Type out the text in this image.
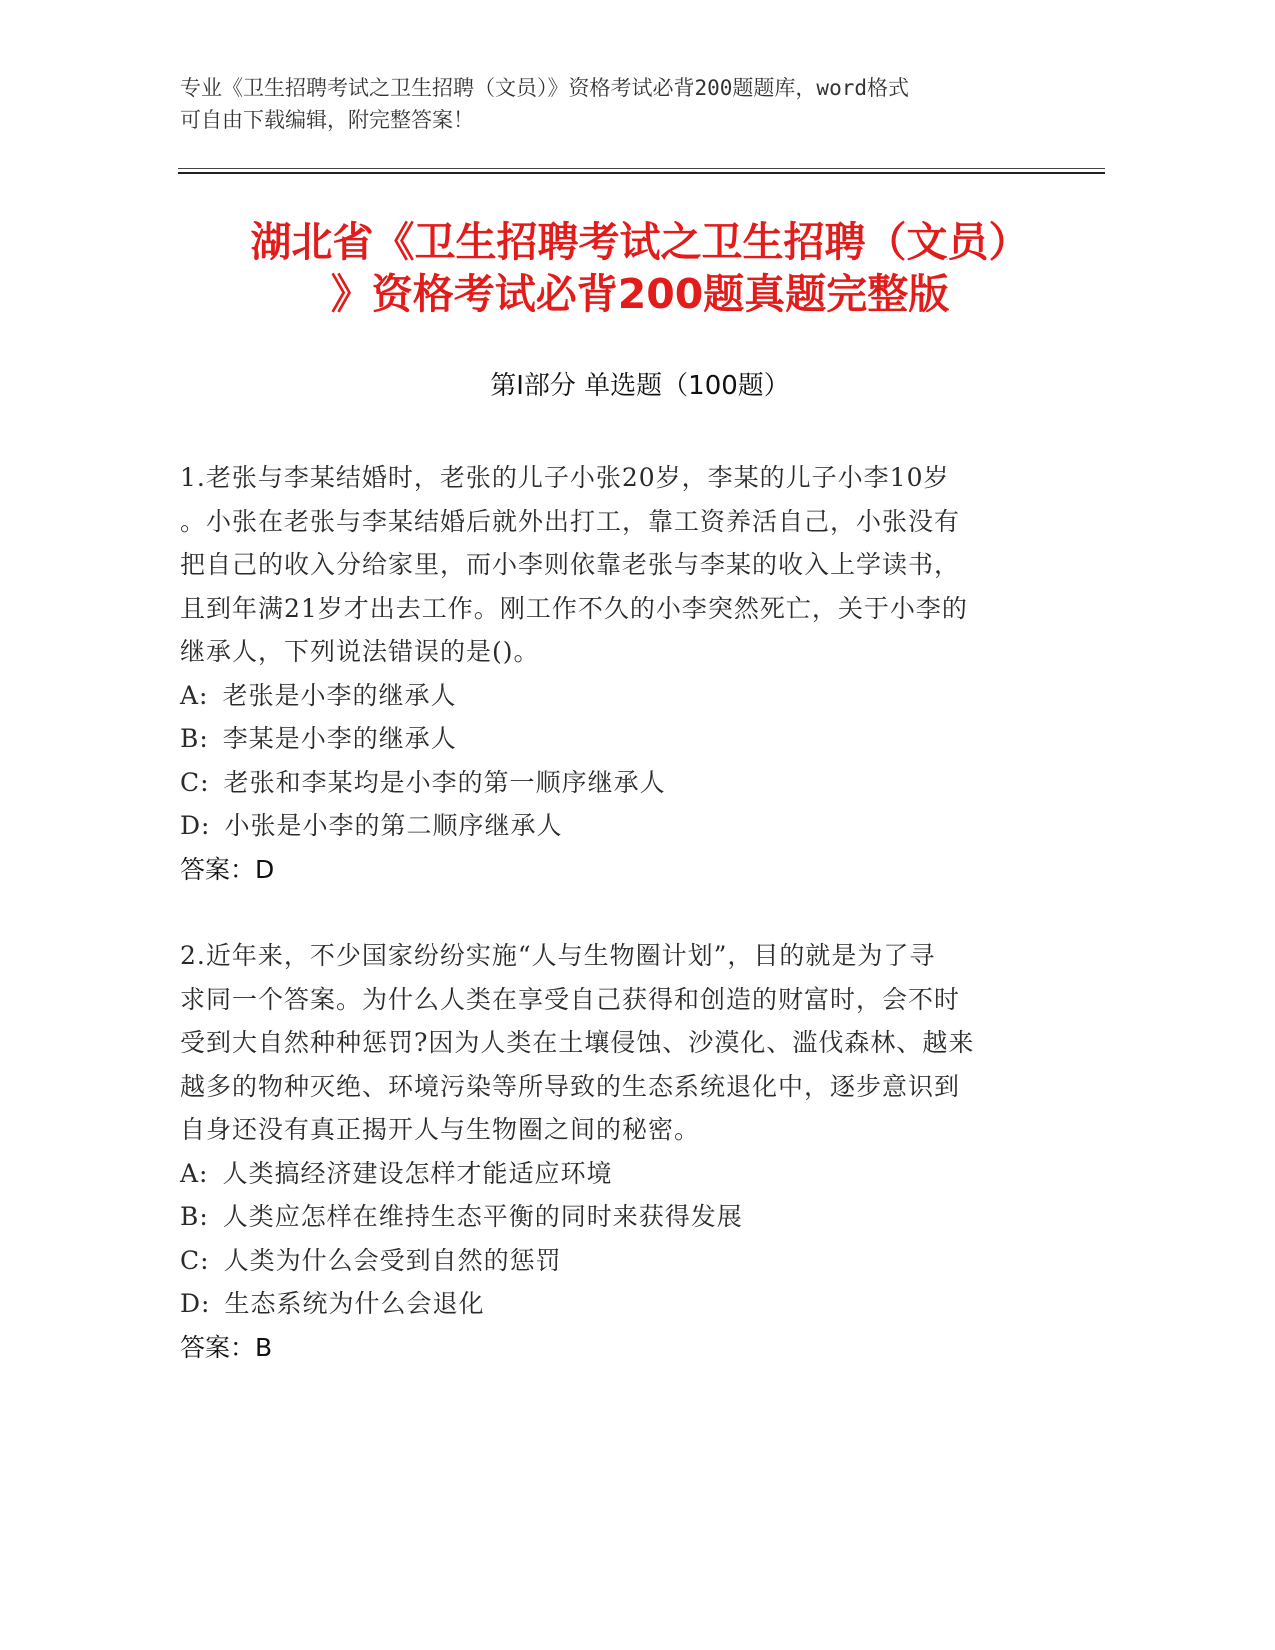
专业《卫生招聘考试之卫生招聘（文员）》资格考试必背200题题库，word格式
可自由下载编辑，附完整答案！
湖北省《卫生招聘考试之卫生招聘（文员）
》资格考试必背200题真题完整版
第Ⅰ部分 单选题（100题）
1.老张与李某结婚时，老张的儿子小张20岁，李某的儿子小李10岁
。小张在老张与李某结婚后就外出打工，靠工资养活自己，小张没有
把自己的收入分给家里，而小李则依靠老张与李某的收入上学读书，
且到年满21岁才出去工作。刚工作不久的小李突然死亡，关于小李的
继承人，下列说法错误的是()。
A: 老张是小李的继承人
B: 李某是小李的继承人
C: 老张和李某均是小李的第一顺序继承人
D: 小张是小李的第二顺序继承人
答案：D
2.近年来，不少国家纷纷实施“人与生物圈计划”，目的就是为了寻
求同一个答案。为什么人类在享受自己获得和创造的财富时，会不时
受到大自然种种惩罚?因为人类在土壤侵蚀、沙漠化、滥伐森林、越来
越多的物种灭绝、环境污染等所导致的生态系统退化中，逐步意识到
自身还没有真正揭开人与生物圈之间的秘密。
A: 人类搞经济建设怎样才能适应环境
B: 人类应怎样在维持生态平衡的同时来获得发展
C: 人类为什么会受到自然的惩罚
D: 生态系统为什么会退化
答案：B
